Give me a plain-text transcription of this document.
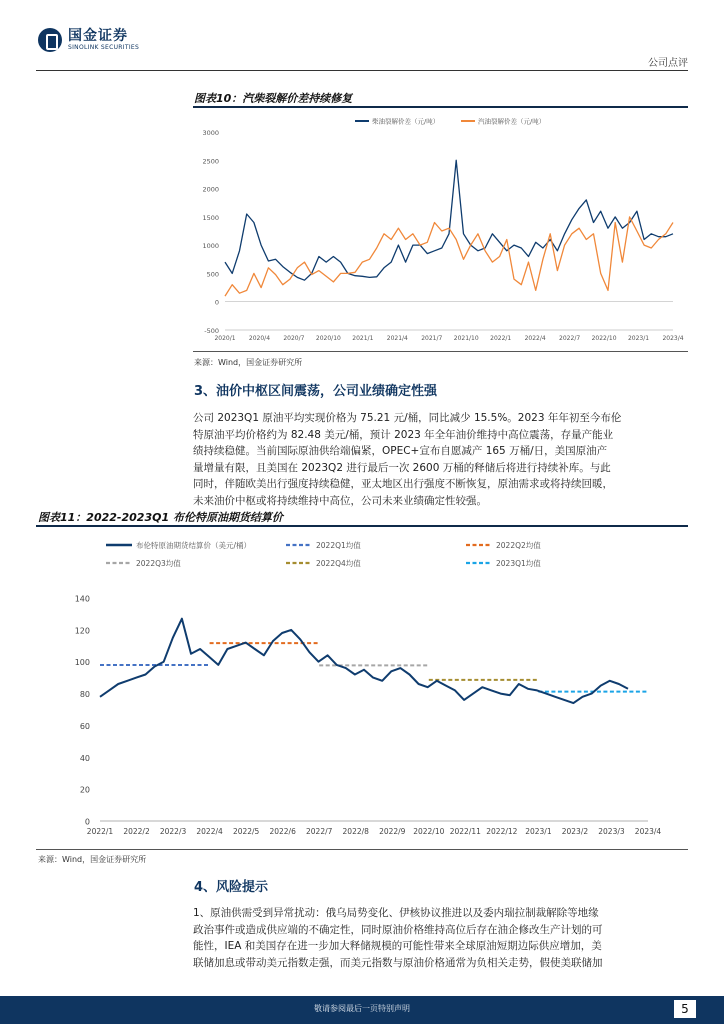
国金证券
SINOLINK SECURITIES
公司点评
图表10：汽柴裂解价差持续修复
3000
2500
2000
1500
1000
500
0
-500
2020/1 2020/4 2020/7 2020/10 2021/1 2021/4 2021/7 2021/10 2022/1 2022/4 2022/7 2022/10 2023/1 2023/4
柴油裂解价差（元/吨）	汽油裂解价差（元/吨）
来源：Wind，国金证券研究所
3、油价中枢区间震荡，公司业绩确定性强
公司 2023Q1 原油平均实现价格为 75.21 元/桶，同比减少 15.5%。2023 年年初至今布伦
特原油平均价格约为 82.48 美元/桶，预计 2023 年全年油价维持中高位震荡，存量产能业
绩持续稳健。当前国际原油供给端偏紧，OPEC+宣布自愿减产 165 万桶/日，美国原油产
量增量有限，且美国在 2023Q2 进行最后一次 2600 万桶的释储后将进行持续补库。与此
同时，伴随欧美出行强度持续稳健，亚太地区出行强度不断恢复，原油需求或将持续回暖，
未来油价中枢或将持续维持中高位，公司未来业绩确定性较强。
图表11：2022-2023Q1 布伦特原油期货结算价
140
120
100
80
60
40
20
0
2022/1 2022/2 2022/3 2022/4 2022/5 2022/6 2022/7 2022/8 2022/9 2022/10 2022/11 2022/12 2023/1 2023/2 2023/3 2023/4
布伦特原油期货结算价（美元/桶）	2022Q1均值	2022Q2均值
2022Q3均值	2022Q4均值	2023Q1均值
来源：Wind，国金证券研究所
4、风险提示
1、原油供需受到异常扰动：俄乌局势变化、伊核协议推进以及委内瑞拉制裁解除等地缘
政治事件或造成供应端的不确定性，同时原油价格维持高位后存在油企修改生产计划的可
能性，IEA 和美国存在进一步加大释储规模的可能性带来全球原油短期边际供应增加，美
联储加息或带动美元指数走强，而美元指数与原油价格通常为负相关走势，假使美联储加
敬请参阅最后一页特别声明	5
